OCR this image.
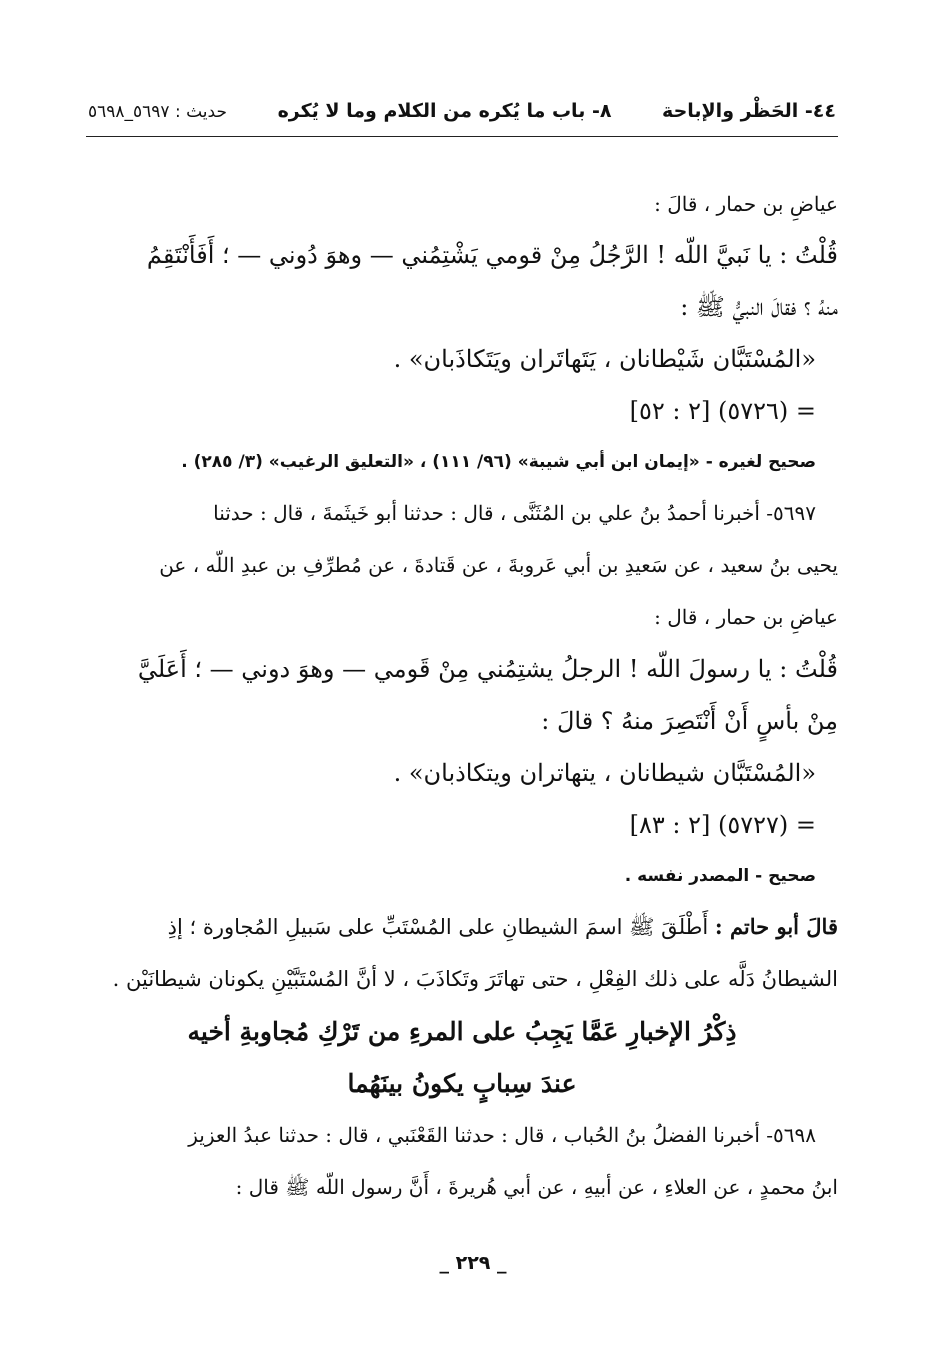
٤٤- الحَظْر والإباحة
٨- باب ما يُكره من الكلام وما لا يُكره
حديث : ٥٦٩٧_٥٦٩٨

عياضِ بن حمار ، قالَ :

قُلْتُ : يا نَبيَّ اللّه ! الرَّجُلُ مِنْ قومي يَشْتِمُني — وهوَ دُوني — ؛ أَفَأَنْتَقِمُ

منهُ ؟ فقالَ النبيُّ ﷺ :

«المُسْتَبَّان شَيْطانان ، يَتَهاتَران ويَتَكاذَبان» .

= (٥٧٢٦) [٢ : ٥٢]

صحيح لغيره - «إيمان ابن أبي شيبة» (٩٦/ ١١١) ، «التعليق الرغيب» (٣/ ٢٨٥) .

٥٦٩٧- أخبرنا أحمدُ بنُ علي بن المُثَنَّى ، قال : حدثنا أبو خَيثَمةَ ، قال : حدثنا

يحيى بنُ سعيد ، عن سَعيدِ بن أبي عَروبةَ ، عن قَتادةَ ، عن مُطرِّفِ بن عبدِ اللّه ، عن

عياضِ بن حمار ، قال :

قُلْتُ : يا رسولَ اللّه ! الرجلُ يشتِمُني مِنْ قَومي — وهوَ دوني — ؛ أَعَلَيَّ

مِنْ بأسٍ أَنْ أَنْتَصِرَ منهُ ؟ قالَ :

«المُسْتَبَّان شيطانان ، يتهاتران ويتكاذبان» .

= (٥٧٢٧) [٢ : ٨٣]

صحيح - المصدر نفسه .

قالَ أبو حاتم : أَطْلَقَ ﷺ اسمَ الشيطانِ على المُسْتَبِّ على سَبيلِ المُجاورة ؛ إذِ

الشيطانُ دَلَّه على ذلك الفِعْلِ ، حتى تهاتَرَ وتَكاذَبَ ، لا أنَّ المُسْتَبَّيْنِ يكونان شيطانَيْن .

ذِكْرُ الإخبارِ عَمَّا يَجِبُ على المرءِ من تَرْكِ مُجاوبةِ أخيه

عندَ سِبابٍ يكونُ بينَهُما

٥٦٩٨- أخبرنا الفضلُ بنُ الحُباب ، قال : حدثنا القَعْنَبي ، قال : حدثنا عبدُ العزيز

ابنُ محمدٍ ، عن العلاءِ ، عن أبيهِ ، عن أبي هُريرةَ ، أَنَّ رسول اللّه ﷺ قال :

_ ٢٢٩ _
